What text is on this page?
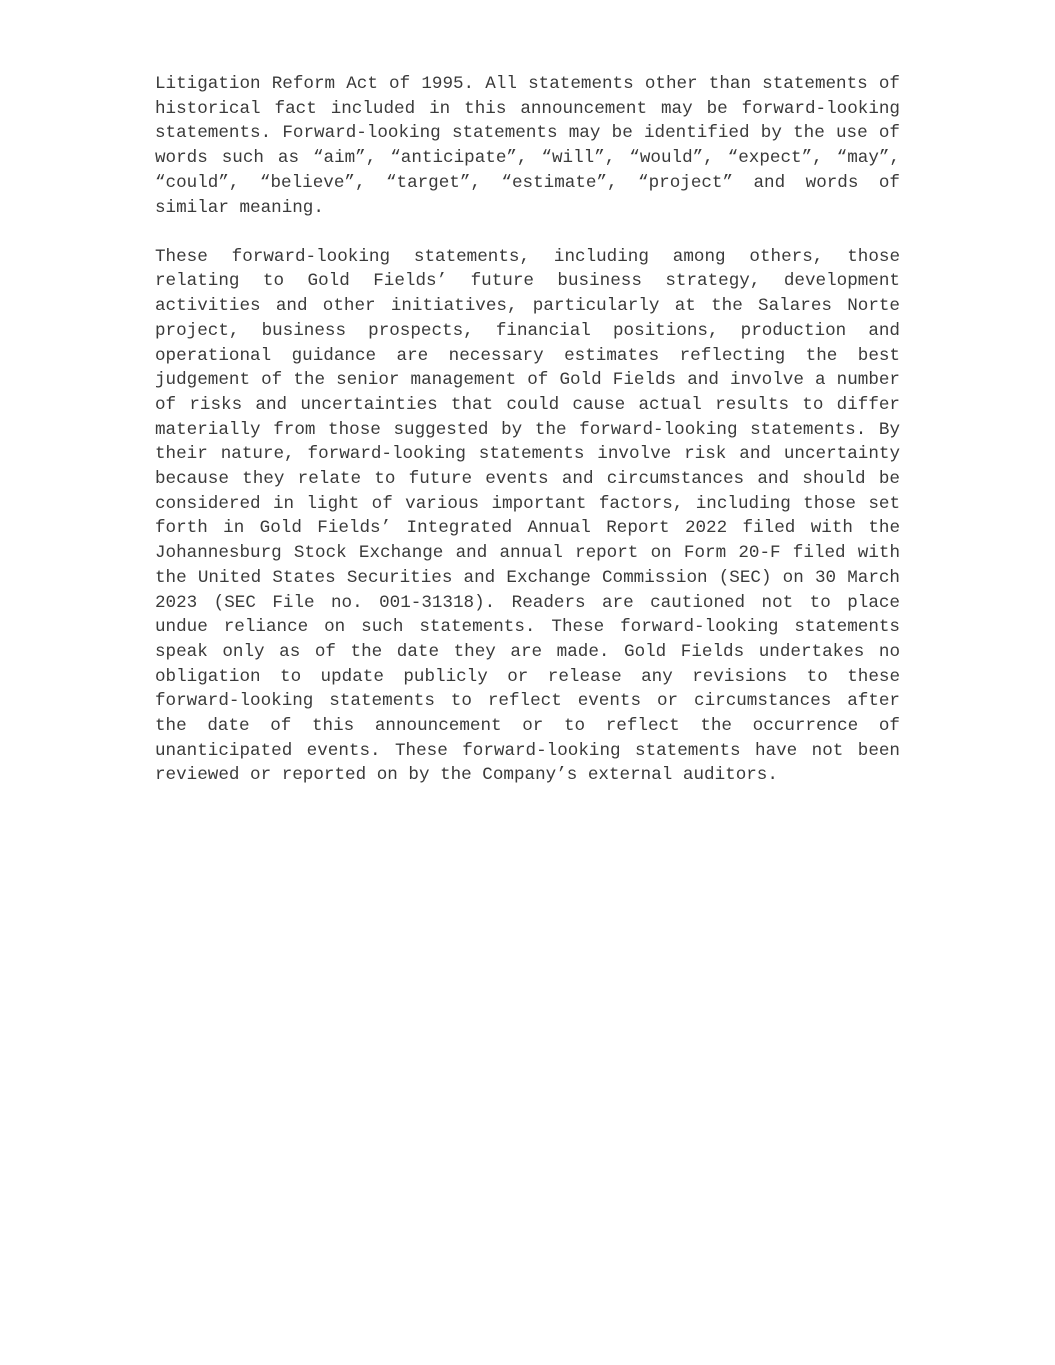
Litigation Reform Act of 1995. All statements other than statements of historical fact included in this announcement may be forward-looking statements. Forward-looking statements may be identified by the use of words such as “aim”, “anticipate”, “will”, “would”, “expect”, “may”, “could”, “believe”, “target”, “estimate”, “project” and words of similar meaning.

These forward-looking statements, including among others, those relating to Gold Fields’ future business strategy, development activities and other initiatives, particularly at the Salares Norte project, business prospects, financial positions, production and operational guidance are necessary estimates reflecting the best judgement of the senior management of Gold Fields and involve a number of risks and uncertainties that could cause actual results to differ materially from those suggested by the forward-looking statements. By their nature, forward-looking statements involve risk and uncertainty because they relate to future events and circumstances and should be considered in light of various important factors, including those set forth in Gold Fields’ Integrated Annual Report 2022 filed with the Johannesburg Stock Exchange and annual report on Form 20-F filed with the United States Securities and Exchange Commission (SEC) on 30 March 2023 (SEC File no. 001-31318). Readers are cautioned not to place undue reliance on such statements. These forward-looking statements speak only as of the date they are made. Gold Fields undertakes no obligation to update publicly or release any revisions to these forward-looking statements to reflect events or circumstances after the date of this announcement or to reflect the occurrence of unanticipated events. These forward-looking statements have not been reviewed or reported on by the Company’s external auditors.
